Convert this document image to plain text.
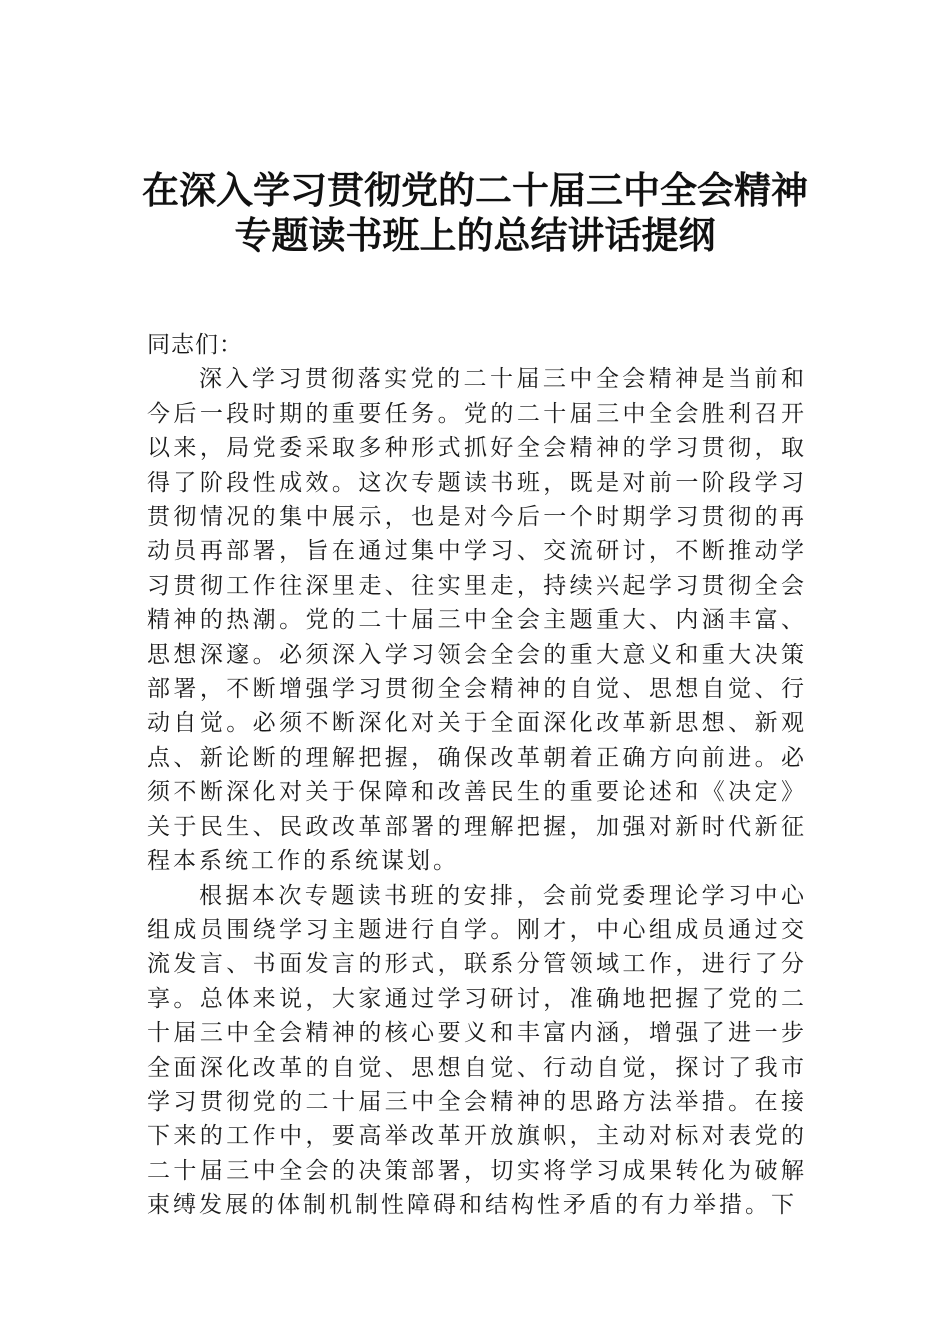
在深入学习贯彻党的二十届三中全会精神
专题读书班上的总结讲话提纲

同志们：

深入学习贯彻落实党的二十届三中全会精神是当前和今后一段时期的重要任务。党的二十届三中全会胜利召开以来，局党委采取多种形式抓好全会精神的学习贯彻，取得了阶段性成效。这次专题读书班，既是对前一阶段学习贯彻情况的集中展示，也是对今后一个时期学习贯彻的再动员再部署，旨在通过集中学习、交流研讨，不断推动学习贯彻工作往深里走、往实里走，持续兴起学习贯彻全会精神的热潮。党的二十届三中全会主题重大、内涵丰富、思想深邃。必须深入学习领会全会的重大意义和重大决策部署，不断增强学习贯彻全会精神的自觉、思想自觉、行动自觉。必须不断深化对关于全面深化改革新思想、新观点、新论断的理解把握，确保改革朝着正确方向前进。必须不断深化对关于保障和改善民生的重要论述和《决定》关于民生、民政改革部署的理解把握，加强对新时代新征程本系统工作的系统谋划。

根据本次专题读书班的安排，会前党委理论学习中心组成员围绕学习主题进行自学。刚才，中心组成员通过交流发言、书面发言的形式，联系分管领域工作，进行了分享。总体来说，大家通过学习研讨，准确地把握了党的二十届三中全会精神的核心要义和丰富内涵，增强了进一步全面深化改革的自觉、思想自觉、行动自觉，探讨了我市学习贯彻党的二十届三中全会精神的思路方法举措。在接下来的工作中，要高举改革开放旗帜，主动对标对表党的二十届三中全会的决策部署，切实将学习成果转化为破解束缚发展的体制机制性障碍和结构性矛盾的有力举措。下
